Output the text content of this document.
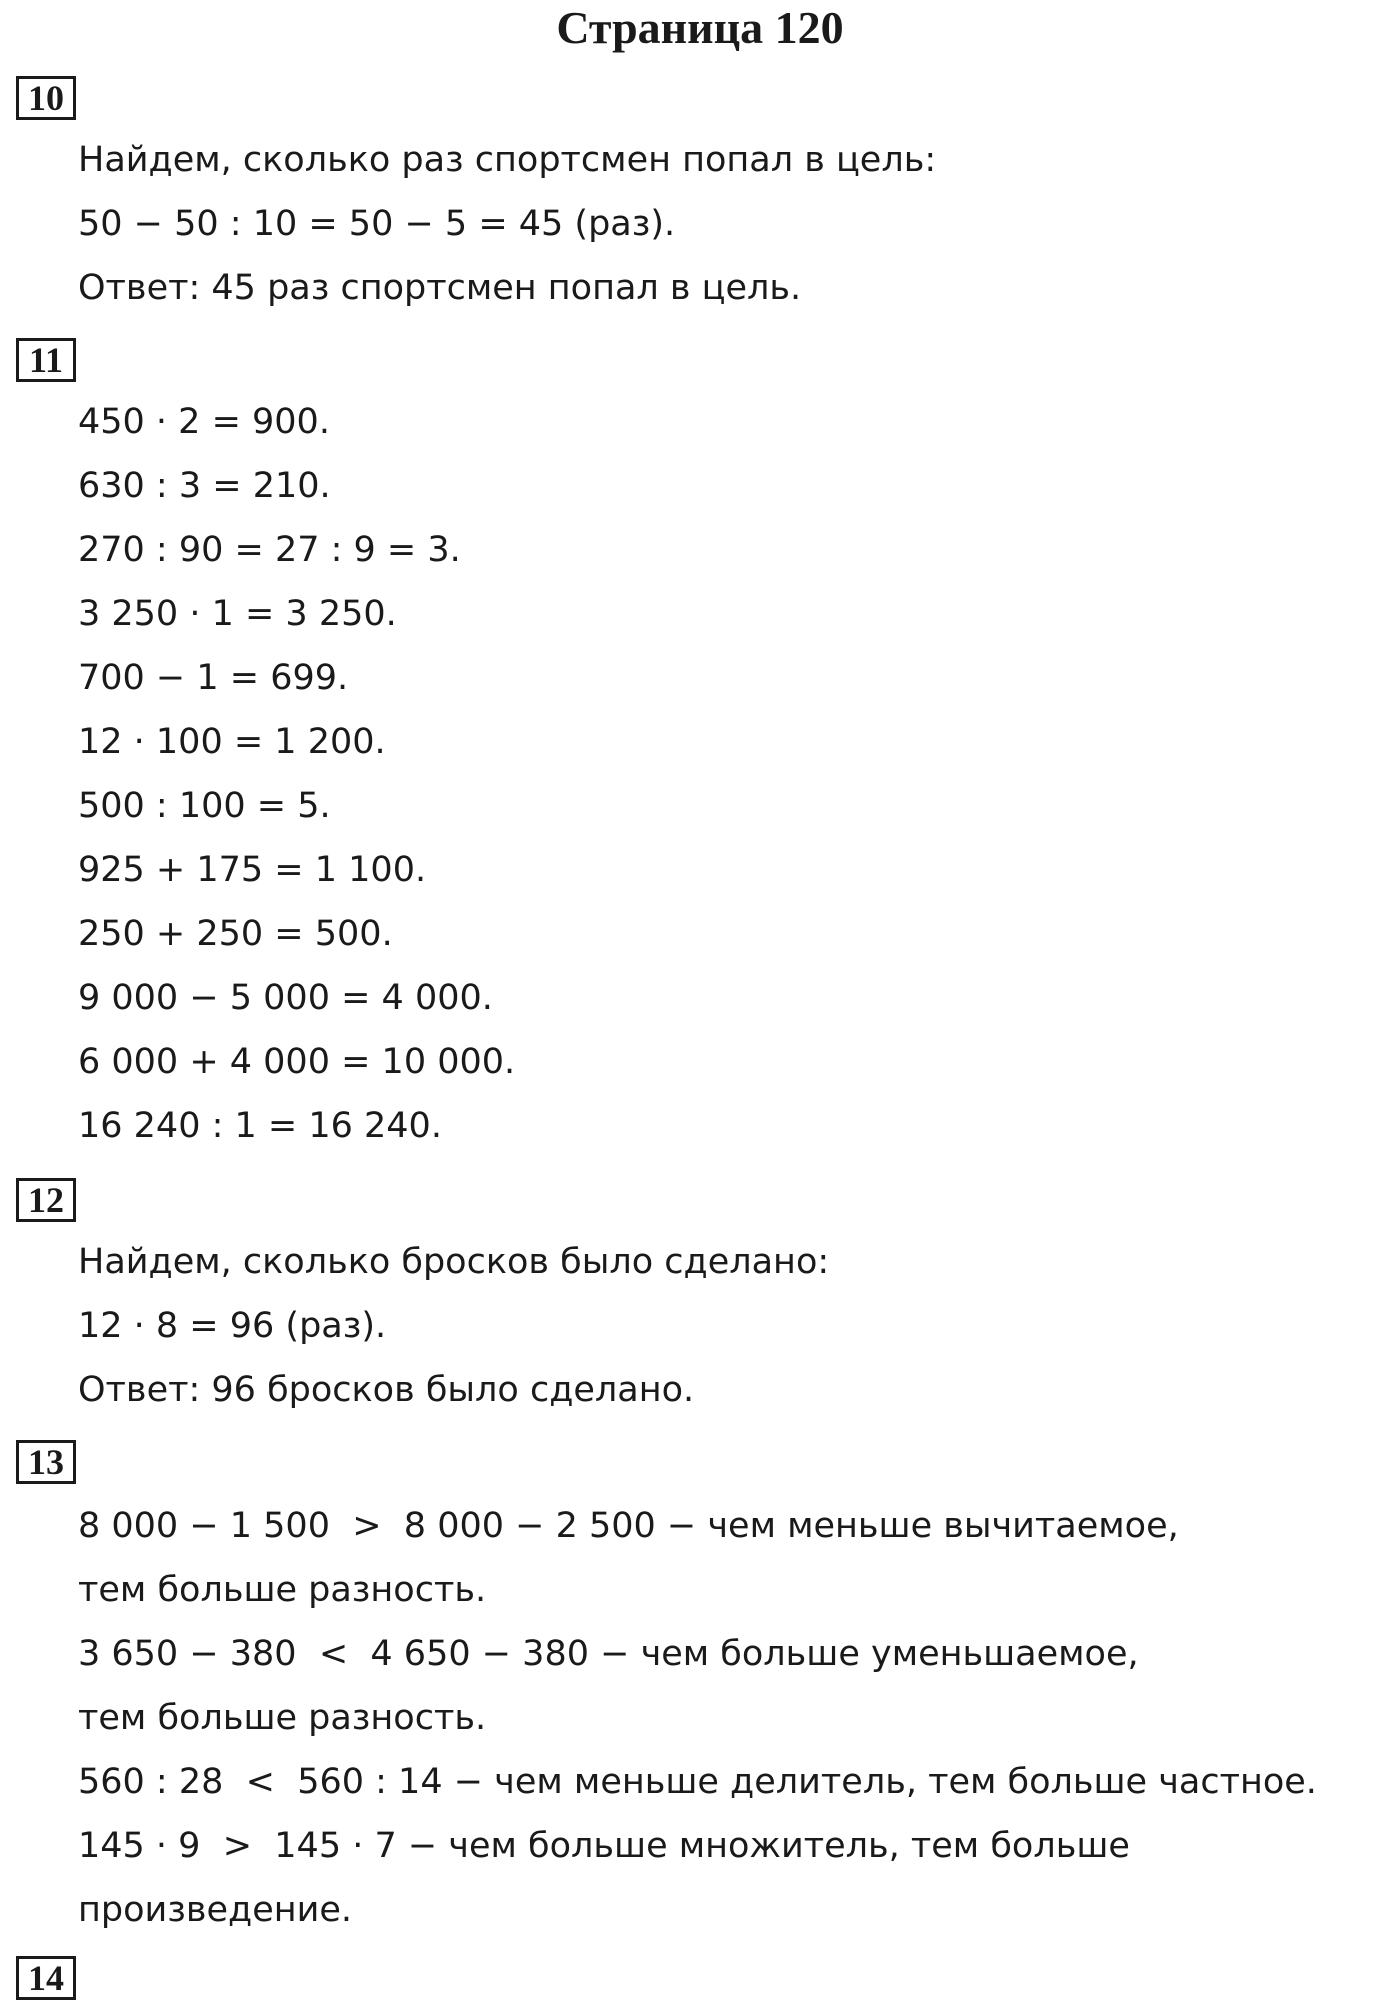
Страница 120
10

Найдем, сколько раз спортсмен попал в цель:

50 − 50 : 10 = 50 − 5 = 45 (раз).

Ответ: 45 раз спортсмен попал в цель.

11

450 · 2 = 900.

630 : 3 = 210.

270 : 90 = 27 : 9 = 3.

3 250 · 1 = 3 250.

700 − 1 = 699.

12 · 100 = 1 200.

500 : 100 = 5.

925 + 175 = 1 100.

250 + 250 = 500.

9 000 − 5 000 = 4 000.

6 000 + 4 000 = 10 000.

16 240 : 1 = 16 240.

12

Найдем, сколько бросков было сделано:

12 · 8 = 96 (раз).

Ответ: 96 бросков было сделано.

13

8 000 − 1 500  >  8 000 − 2 500 − чем меньше вычитаемое,

тем больше разность.

3 650 − 380  <  4 650 − 380 − чем больше уменьшаемое,

тем больше разность.

560 : 28  <  560 : 14 − чем меньше делитель, тем больше частное.

145 · 9  >  145 · 7 − чем больше множитель, тем больше

произведение.

14
